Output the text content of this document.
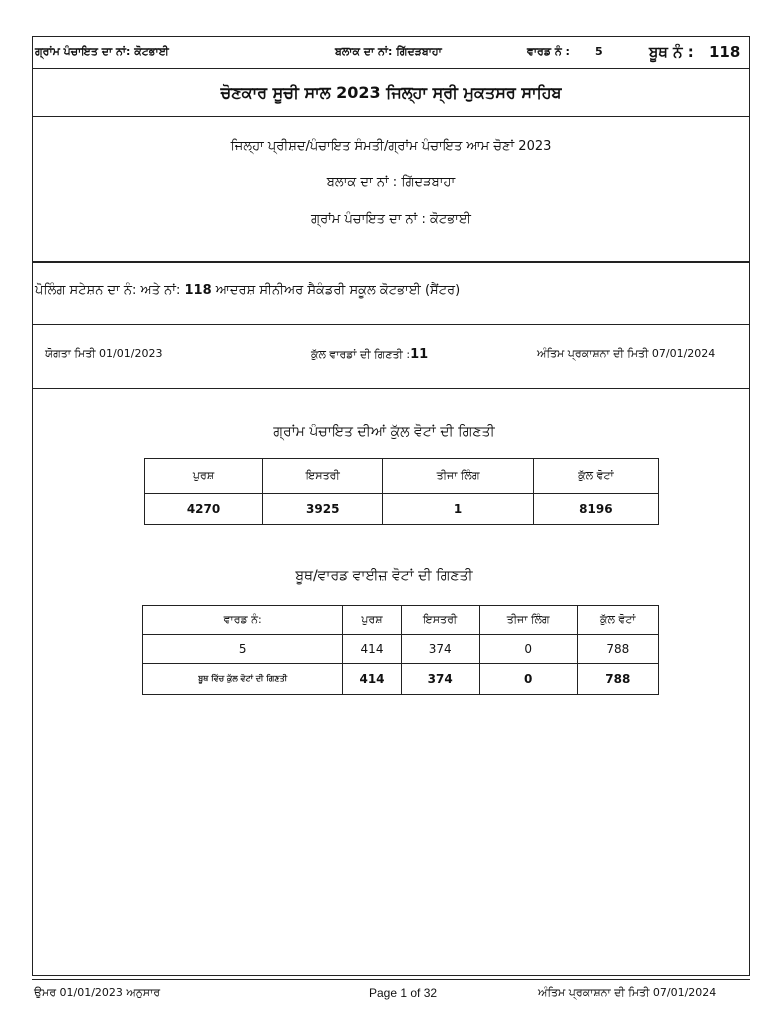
ਗ੍ਰਾਂਮ ਪੰਚਾਇਤ ਦਾ ਨਾਂ: ਕੋਟਭਾਈ	ਬਲਾਕ ਦਾ ਨਾਂ: ਗਿੱਦੜਬਾਹਾ	ਵਾਰਡ ਨੰ : 5	ਬੂਥ ਨੰ : 118
ਚੋਣਕਾਰ ਸੂਚੀ ਸਾਲ 2023 ਜਿਲ੍ਹਾ ਸ੍ਰੀ ਮੁਕਤਸਰ ਸਾਹਿਬ
ਜਿਲ੍ਹਾ ਪ੍ਰੀਸ਼ਦ/ਪੰਚਾਇਤ ਸੰਮਤੀ/ਗ੍ਰਾਂਮ ਪੰਚਾਇਤ ਆਮ ਚੋਣਾਂ 2023
ਬਲਾਕ ਦਾ ਨਾਂ : ਗਿੱਦੜਬਾਹਾ
ਗ੍ਰਾਂਮ ਪੰਚਾਇਤ ਦਾ ਨਾਂ : ਕੋਟਭਾਈ
ਪੋਲਿੰਗ ਸਟੇਸ਼ਨ ਦਾ ਨੰ: ਅਤੇ ਨਾਂ: 118 ਆਦਰਸ਼ ਸੀਨੀਅਰ ਸੈਕੰਡਰੀ ਸਕੂਲ ਕੋਟਭਾਈ (ਸੈਂਟਰ)
ਯੋਗਤਾ ਮਿਤੀ 01/01/2023	ਕੁੱਲ ਵਾਰਡਾਂ ਦੀ ਗਿਣਤੀ :11	ਅੰਤਿਮ ਪ੍ਰਕਾਸ਼ਨਾ ਦੀ ਮਿਤੀ 07/01/2024
ਗ੍ਰਾਂਮ ਪੰਚਾਇਤ ਦੀਆਂ ਕੁੱਲ ਵੋਟਾਂ ਦੀ ਗਿਣਤੀ
ਪੁਰਸ਼	ਇਸਤਰੀ	ਤੀਜਾ ਲਿੰਗ	ਕੁੱਲ ਵੋਟਾਂ
4270	3925	1	8196
ਬੂਥ/ਵਾਰਡ ਵਾਈਜ਼ ਵੋਟਾਂ ਦੀ ਗਿਣਤੀ
ਵਾਰਡ ਨੰ:	ਪੁਰਸ਼	ਇਸਤਰੀ	ਤੀਜਾ ਲਿੰਗ	ਕੁੱਲ ਵੋਟਾਂ
5	414	374	0	788
ਬੂਥ ਵਿੱਚ ਕੁੱਲ ਵੋਟਾਂ ਦੀ ਗਿਣਤੀ	414	374	0	788
ਉਮਰ 01/01/2023 ਅਨੁਸਾਰ	Page 1 of 32	ਅੰਤਿਮ ਪ੍ਰਕਾਸ਼ਨਾ ਦੀ ਮਿਤੀ 07/01/2024
